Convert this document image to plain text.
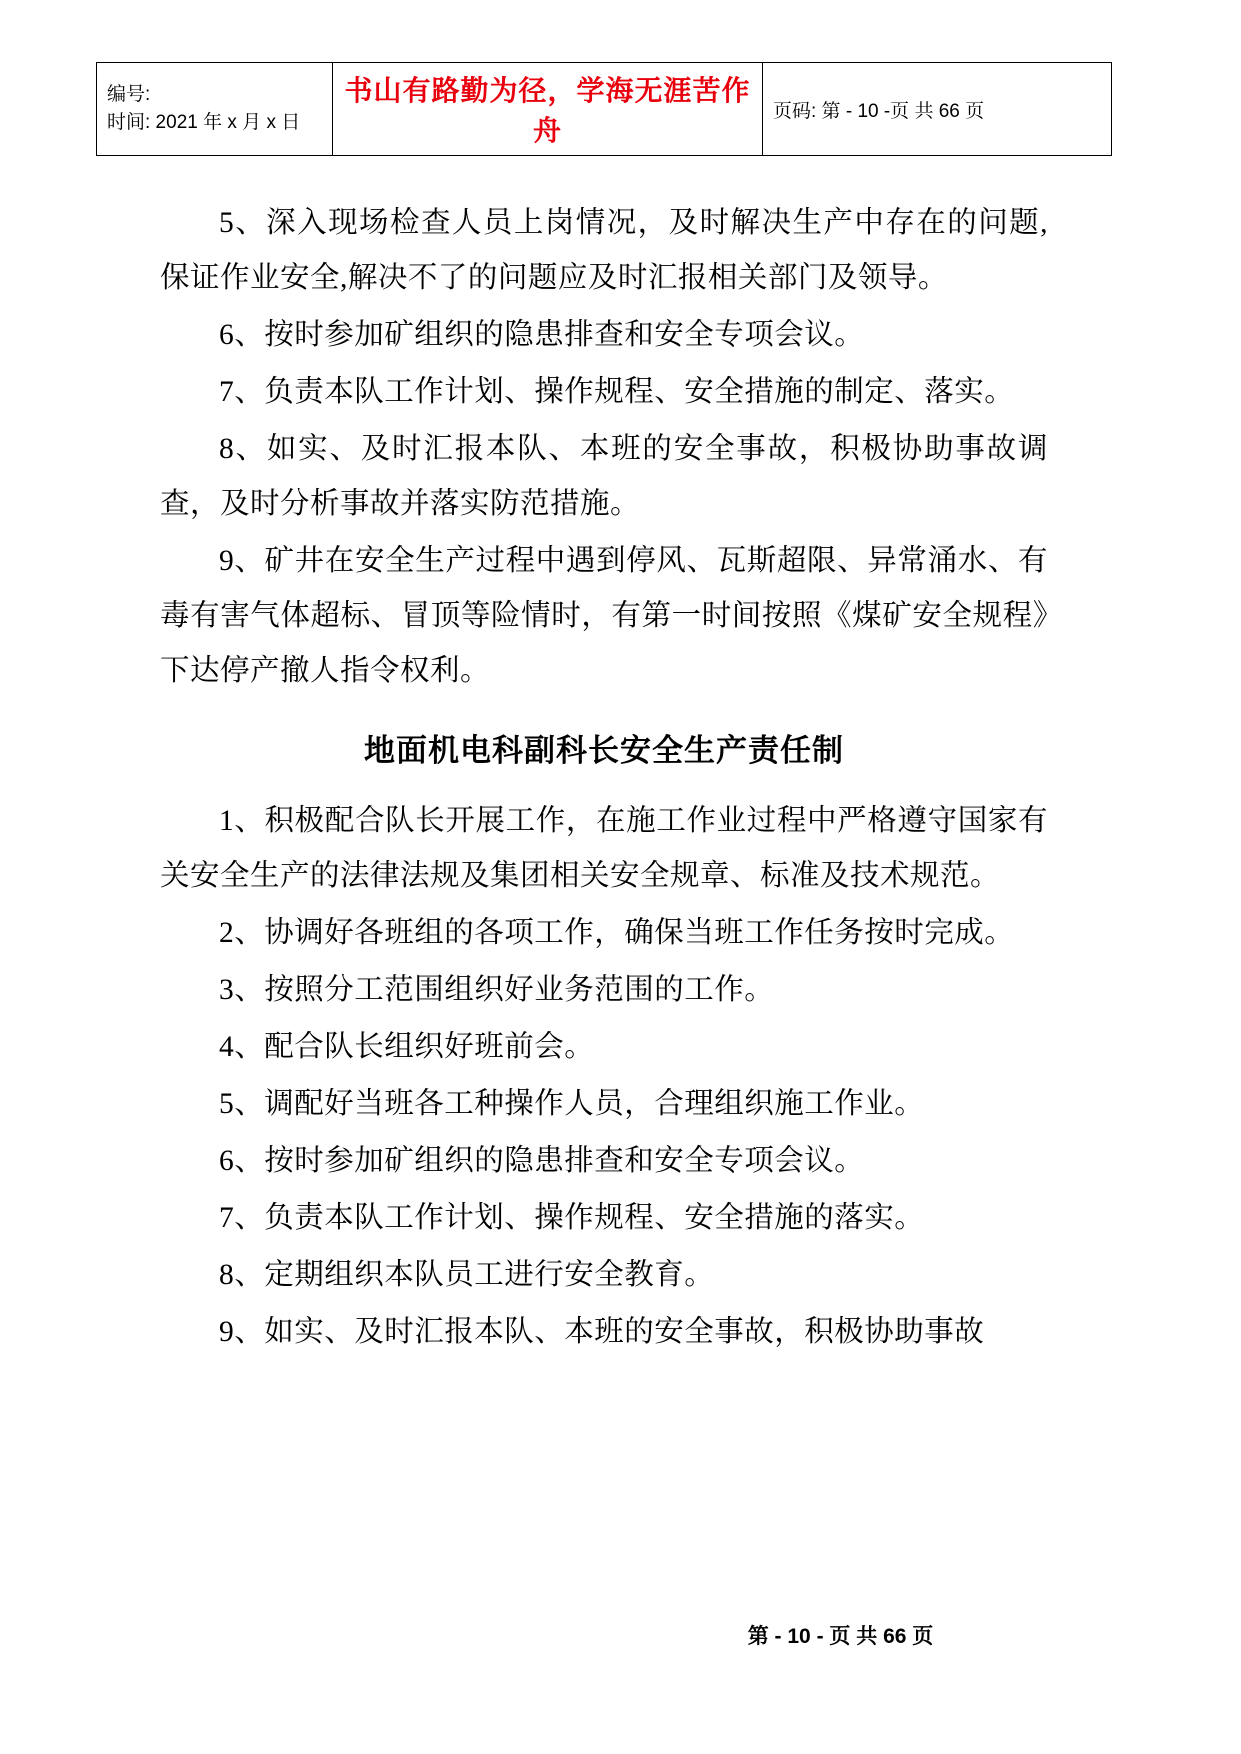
编号:
时间: 2021 年 x 月 x 日
	书山有路勤为径，学海无涯苦作舟	页码: 第 - 10 -页 共 66 页

5、深入现场检查人员上岗情况，及时解决生产中存在的问题,保证作业安全,解决不了的问题应及时汇报相关部门及领导。

6、按时参加矿组织的隐患排查和安全专项会议。

7、负责本队工作计划、操作规程、安全措施的制定、落实。

8、如实、及时汇报本队、本班的安全事故，积极协助事故调查，及时分析事故并落实防范措施。

9、矿井在安全生产过程中遇到停风、瓦斯超限、异常涌水、有毒有害气体超标、冒顶等险情时，有第一时间按照《煤矿安全规程》下达停产撤人指令权利。

地面机电科副科长安全生产责任制

1、积极配合队长开展工作，在施工作业过程中严格遵守国家有关安全生产的法律法规及集团相关安全规章、标准及技术规范。

2、协调好各班组的各项工作，确保当班工作任务按时完成。

3、按照分工范围组织好业务范围的工作。

4、配合队长组织好班前会。

5、调配好当班各工种操作人员，合理组织施工作业。

6、按时参加矿组织的隐患排查和安全专项会议。

7、负责本队工作计划、操作规程、安全措施的落实。

8、定期组织本队员工进行安全教育。

9、如实、及时汇报本队、本班的安全事故，积极协助事故

第 - 10 - 页 共 66 页
